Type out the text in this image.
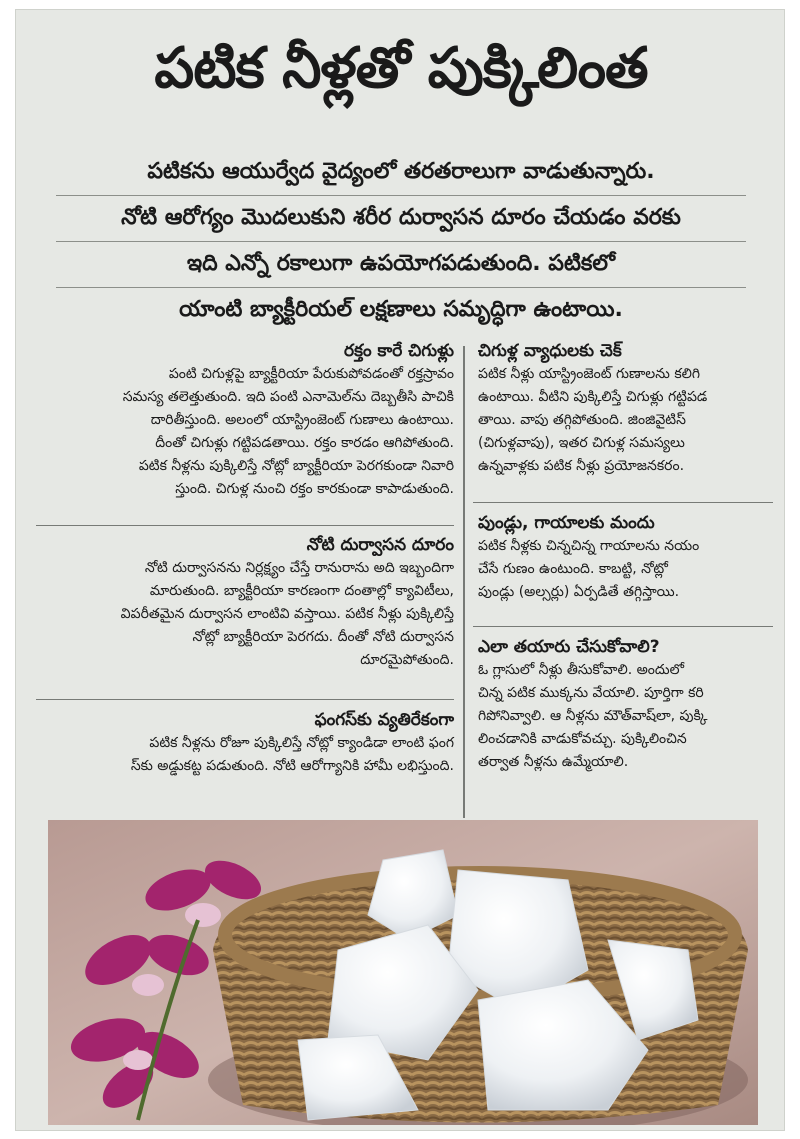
పటిక నీళ్లతో పుక్కిలింత
పటికను ఆయుర్వేద వైద్యంలో తరతరాలుగా వాడుతున్నారు.
నోటి ఆరోగ్యం మొదలుకుని శరీర దుర్వాసన దూరం చేయడం వరకు
ఇది ఎన్నో రకాలుగా ఉపయోగపడుతుంది. పటికలో
యాంటి బ్యాక్టీరియల్ లక్షణాలు సమృద్ధిగా ఉంటాయి.
రక్తం కారే చిగుళ్లు
పంటి చిగుళ్లపై బ్యాక్టీరియా పేరుకుపోవడంతో రక్తస్రావం
సమస్య తలెత్తుతుంది. ఇది పంటి ఎనామెల్‌ను దెబ్బతీసి పాచికి
దారితీస్తుంది. అలంలో యాస్ట్రింజెంట్ గుణాలు ఉంటాయి.
దీంతో చిగుళ్లు గట్టిపడతాయి. రక్తం కారడం ఆగిపోతుంది.
పటిక నీళ్లను పుక్కిలిస్తే నోట్లో బ్యాక్టీరియా పెరగకుండా నివారి
స్తుంది. చిగుళ్ల నుంచి రక్తం కారకుండా కాపాడుతుంది.
నోటి దుర్వాసన దూరం
నోటి దుర్వాసనను నిర్లక్ష్యం చేస్తే రానురాను అది ఇబ్బందిగా
మారుతుంది. బ్యాక్టీరియా కారణంగా దంతాల్లో క్యావిటీలు,
విపరీతమైన దుర్వాసన లాంటివి వస్తాయి. పటిక నీళ్లు పుక్కిలిస్తే
నోట్లో బ్యాక్టీరియా పెరగదు. దీంతో నోటి దుర్వాసన
దూరమైపోతుంది.
ఫంగస్‌కు వ్యతిరేకంగా
పటిక నీళ్లను రోజూ పుక్కిలిస్తే నోట్లో క్యాండిడా లాంటి ఫంగ
స్‌కు అడ్డుకట్ట పడుతుంది. నోటి ఆరోగ్యానికి హామీ లభిస్తుంది.
చిగుళ్ల వ్యాధులకు చెక్
పటిక నీళ్లు యాస్ట్రింజెంట్ గుణాలను కలిగి
ఉంటాయి. వీటిని పుక్కిలిస్తే చిగుళ్లు గట్టిపడ
తాయి. వాపు తగ్గిపోతుంది. జింజివైటిస్
(చిగుళ్లవాపు), ఇతర చిగుళ్ల సమస్యలు
ఉన్నవాళ్లకు పటిక నీళ్లు ప్రయోజనకరం.
పుండ్లు, గాయాలకు మందు
పటిక నీళ్లకు చిన్నచిన్న గాయాలను నయం
చేసే గుణం ఉంటుంది. కాబట్టి, నోట్లో
పుండ్లు (అల్సర్లు) ఏర్పడితే తగ్గిస్తాయి.
ఎలా తయారు చేసుకోవాలి?
ఓ గ్లాసులో నీళ్లు తీసుకోవాలి. అందులో
చిన్న పటిక ముక్కను వేయాలి. పూర్తిగా కరి
గిపోనివ్వాలి. ఆ నీళ్లను మౌత్‌వాష్‌లా, పుక్కి
లించడానికి వాడుకోవచ్చు. పుక్కిలించిన
తర్వాత నీళ్లను ఉమ్మేయాలి.
